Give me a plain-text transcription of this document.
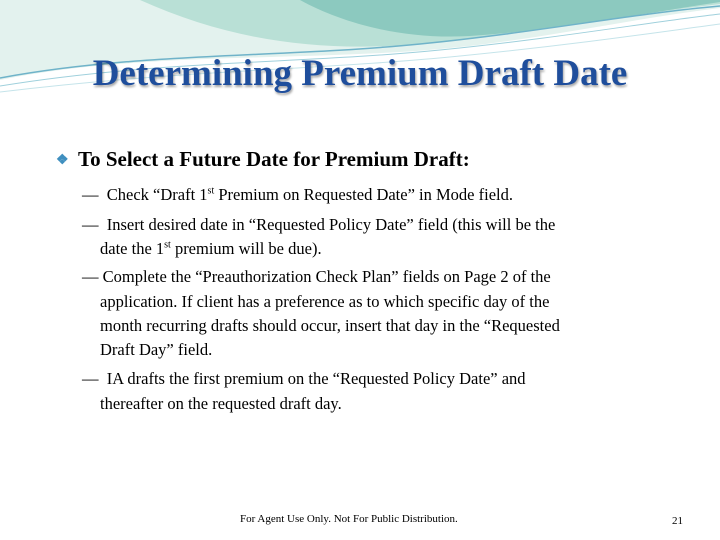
Determining Premium Draft Date
❖ To Select a Future Date for Premium Draft:
— Check “Draft 1st Premium on Requested Date” in Mode field.
— Insert desired date in “Requested Policy Date” field (this will be the
date the 1st premium will be due).
— Complete the “Preauthorization Check Plan” fields on Page 2 of the
application. If client has a preference as to which specific day of the
month recurring drafts should occur, insert that day in the “Requested
Draft Day” field.
— IA drafts the first premium on the “Requested Policy Date” and
thereafter on the requested draft day.
For Agent Use Only. Not For Public Distribution.	21
